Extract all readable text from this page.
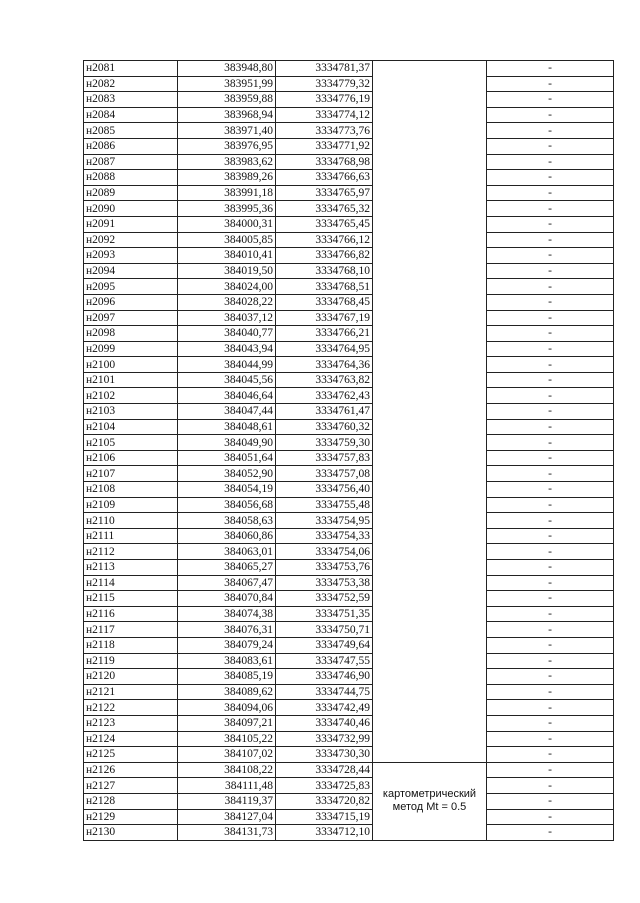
н2081	383948,80	3334781,37		-
н2082	383951,99	3334779,32		-
н2083	383959,88	3334776,19		-
н2084	383968,94	3334774,12		-
н2085	383971,40	3334773,76		-
н2086	383976,95	3334771,92		-
н2087	383983,62	3334768,98		-
н2088	383989,26	3334766,63		-
н2089	383991,18	3334765,97		-
н2090	383995,36	3334765,32		-
н2091	384000,31	3334765,45		-
н2092	384005,85	3334766,12		-
н2093	384010,41	3334766,82		-
н2094	384019,50	3334768,10		-
н2095	384024,00	3334768,51		-
н2096	384028,22	3334768,45		-
н2097	384037,12	3334767,19		-
н2098	384040,77	3334766,21		-
н2099	384043,94	3334764,95		-
н2100	384044,99	3334764,36		-
н2101	384045,56	3334763,82		-
н2102	384046,64	3334762,43		-
н2103	384047,44	3334761,47		-
н2104	384048,61	3334760,32		-
н2105	384049,90	3334759,30		-
н2106	384051,64	3334757,83		-
н2107	384052,90	3334757,08		-
н2108	384054,19	3334756,40		-
н2109	384056,68	3334755,48		-
н2110	384058,63	3334754,95		-
н2111	384060,86	3334754,33		-
н2112	384063,01	3334754,06		-
н2113	384065,27	3334753,76		-
н2114	384067,47	3334753,38		-
н2115	384070,84	3334752,59		-
н2116	384074,38	3334751,35		-
н2117	384076,31	3334750,71		-
н2118	384079,24	3334749,64		-
н2119	384083,61	3334747,55		-
н2120	384085,19	3334746,90		-
н2121	384089,62	3334744,75		-
н2122	384094,06	3334742,49		-
н2123	384097,21	3334740,46		-
н2124	384105,22	3334732,99		-
н2125	384107,02	3334730,30		-
н2126	384108,22	3334728,44	картометрический метод Mt = 0.5	-
н2127	384111,48	3334725,83		-
н2128	384119,37	3334720,82		-
н2129	384127,04	3334715,19		-
н2130	384131,73	3334712,10		-
